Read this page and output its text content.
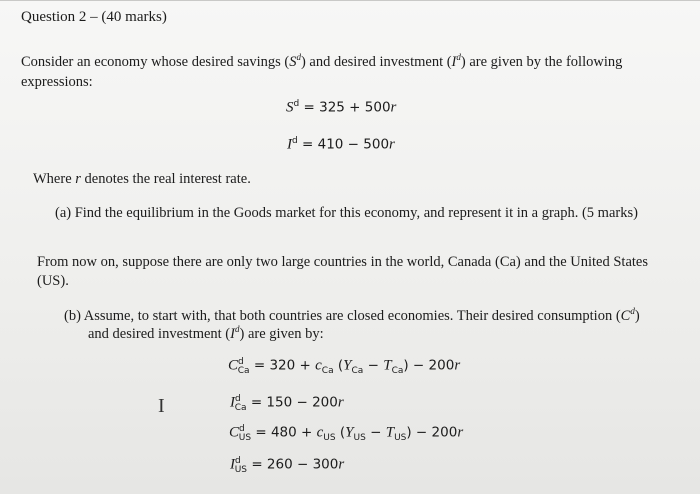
Question 2 – (40 marks)
Consider an economy whose desired savings $(S^d)$ and desired investment $(I^d)$ are given by the following expressions:
$S^d = 325 + 500r$
$I^d = 410 - 500r$
Where r denotes the real interest rate.
(a) Find the equilibrium in the Goods market for this economy, and represent it in a graph. (5 marks)
From now on, suppose there are only two large countries in the world, Canada (Ca) and the United States
(US).
(b) Assume, to start with, that both countries are closed economies. Their desired consumption $(C^d)$
and desired investment $(I^d)$ are given by:
$C^d_{Ca} = 320 + c_{Ca}$ $(Y_{Ca} - T_{Ca}) - 200r$
I	$I^d_{Ca} = 150 - 200r$
$C^d_{US} = 480 + c_{US}$ $(Y_{US} - T_{US}) - 200r$
$I^d_{US} = 260 - 300r$
